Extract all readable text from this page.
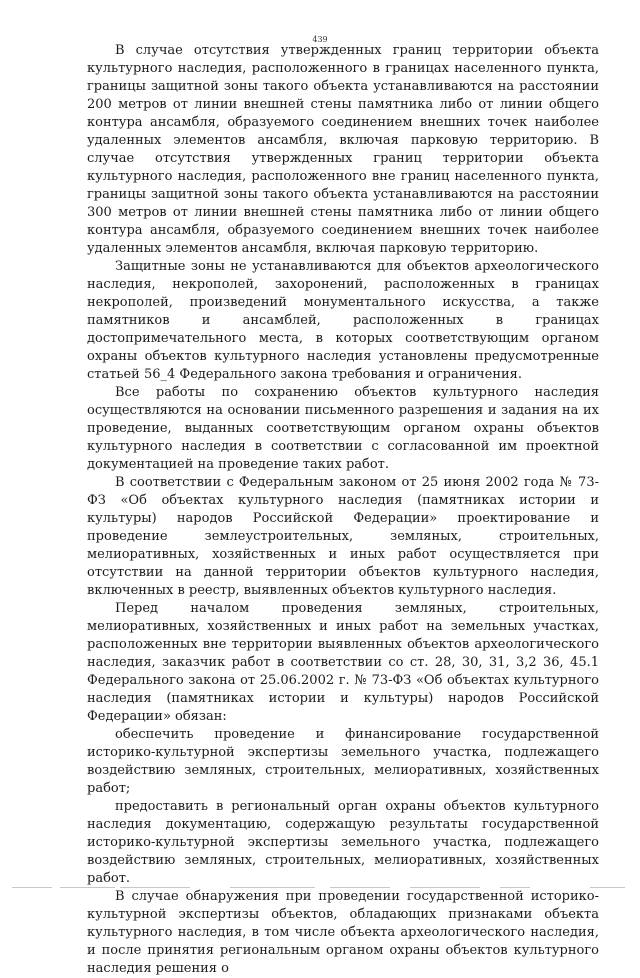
439

В случае отсутствия утвержденных границ территории объекта культурного наследия, расположенного в границах населенного пункта, границы защитной зоны такого объекта устанавливаются на расстоянии 200 метров от линии внешней стены памятника либо от линии общего контура ансамбля, образуемого соединением внешних точек наиболее удаленных элементов ансамбля, включая парковую территорию. В случае отсутствия утвержденных границ территории объекта культурного наследия, расположенного вне границ населенного пункта, границы защитной зоны такого объекта устанавливаются на расстоянии 300 метров от линии внешней стены памятника либо от линии общего контура ансамбля, образуемого соединением внешних точек наиболее удаленных элементов ансамбля, включая парковую территорию.

Защитные зоны не устанавливаются для объектов археологического наследия, некрополей, захоронений, расположенных в границах некрополей, произведений монументального искусства, а также памятников и ансамблей, расположенных в границах достопримечательного места, в которых соответствующим органом охраны объектов культурного наследия установлены предусмотренные статьей 56_4 Федерального закона требования и ограничения.

Все работы по сохранению объектов культурного наследия осуществляются на основании письменного разрешения и задания на их проведение, выданных соответствующим органом охраны объектов культурного наследия в соответствии с согласованной им проектной документацией на проведение таких работ.

В соответствии с Федеральным законом от 25 июня 2002 года № 73-ФЗ «Об объектах культурного наследия (памятниках истории и культуры) народов Российской Федерации» проектирование и проведение землеустроительных, земляных, строительных, мелиоративных, хозяйственных и иных работ осуществляется при отсутствии на данной территории объектов культурного наследия, включенных в реестр, выявленных объектов культурного наследия.

Перед началом проведения земляных, строительных, мелиоративных, хозяйственных и иных работ на земельных участках, расположенных вне территории выявленных объектов археологического наследия, заказчик работ в соответствии со ст. 28, 30, 31, 3,2 36, 45.1 Федерального закона от 25.06.2002 г. № 73-ФЗ «Об объектах культурного наследия (памятниках истории и культуры) народов Российской Федерации» обязан:

обеспечить проведение и финансирование государственной историко-культурной экспертизы земельного участка, подлежащего воздействию земляных, строительных, мелиоративных, хозяйственных работ;

предоставить в региональный орган охраны объектов культурного наследия документацию, содержащую результаты государственной историко-культурной экспертизы земельного участка, подлежащего воздействию земляных, строительных, мелиоративных, хозяйственных работ.

В случае обнаружения при проведении государственной историко-культурной экспертизы объектов, обладающих признаками объекта культурного наследия, в том числе объекта археологического наследия, и после принятия региональным органом охраны объектов культурного наследия решения о
